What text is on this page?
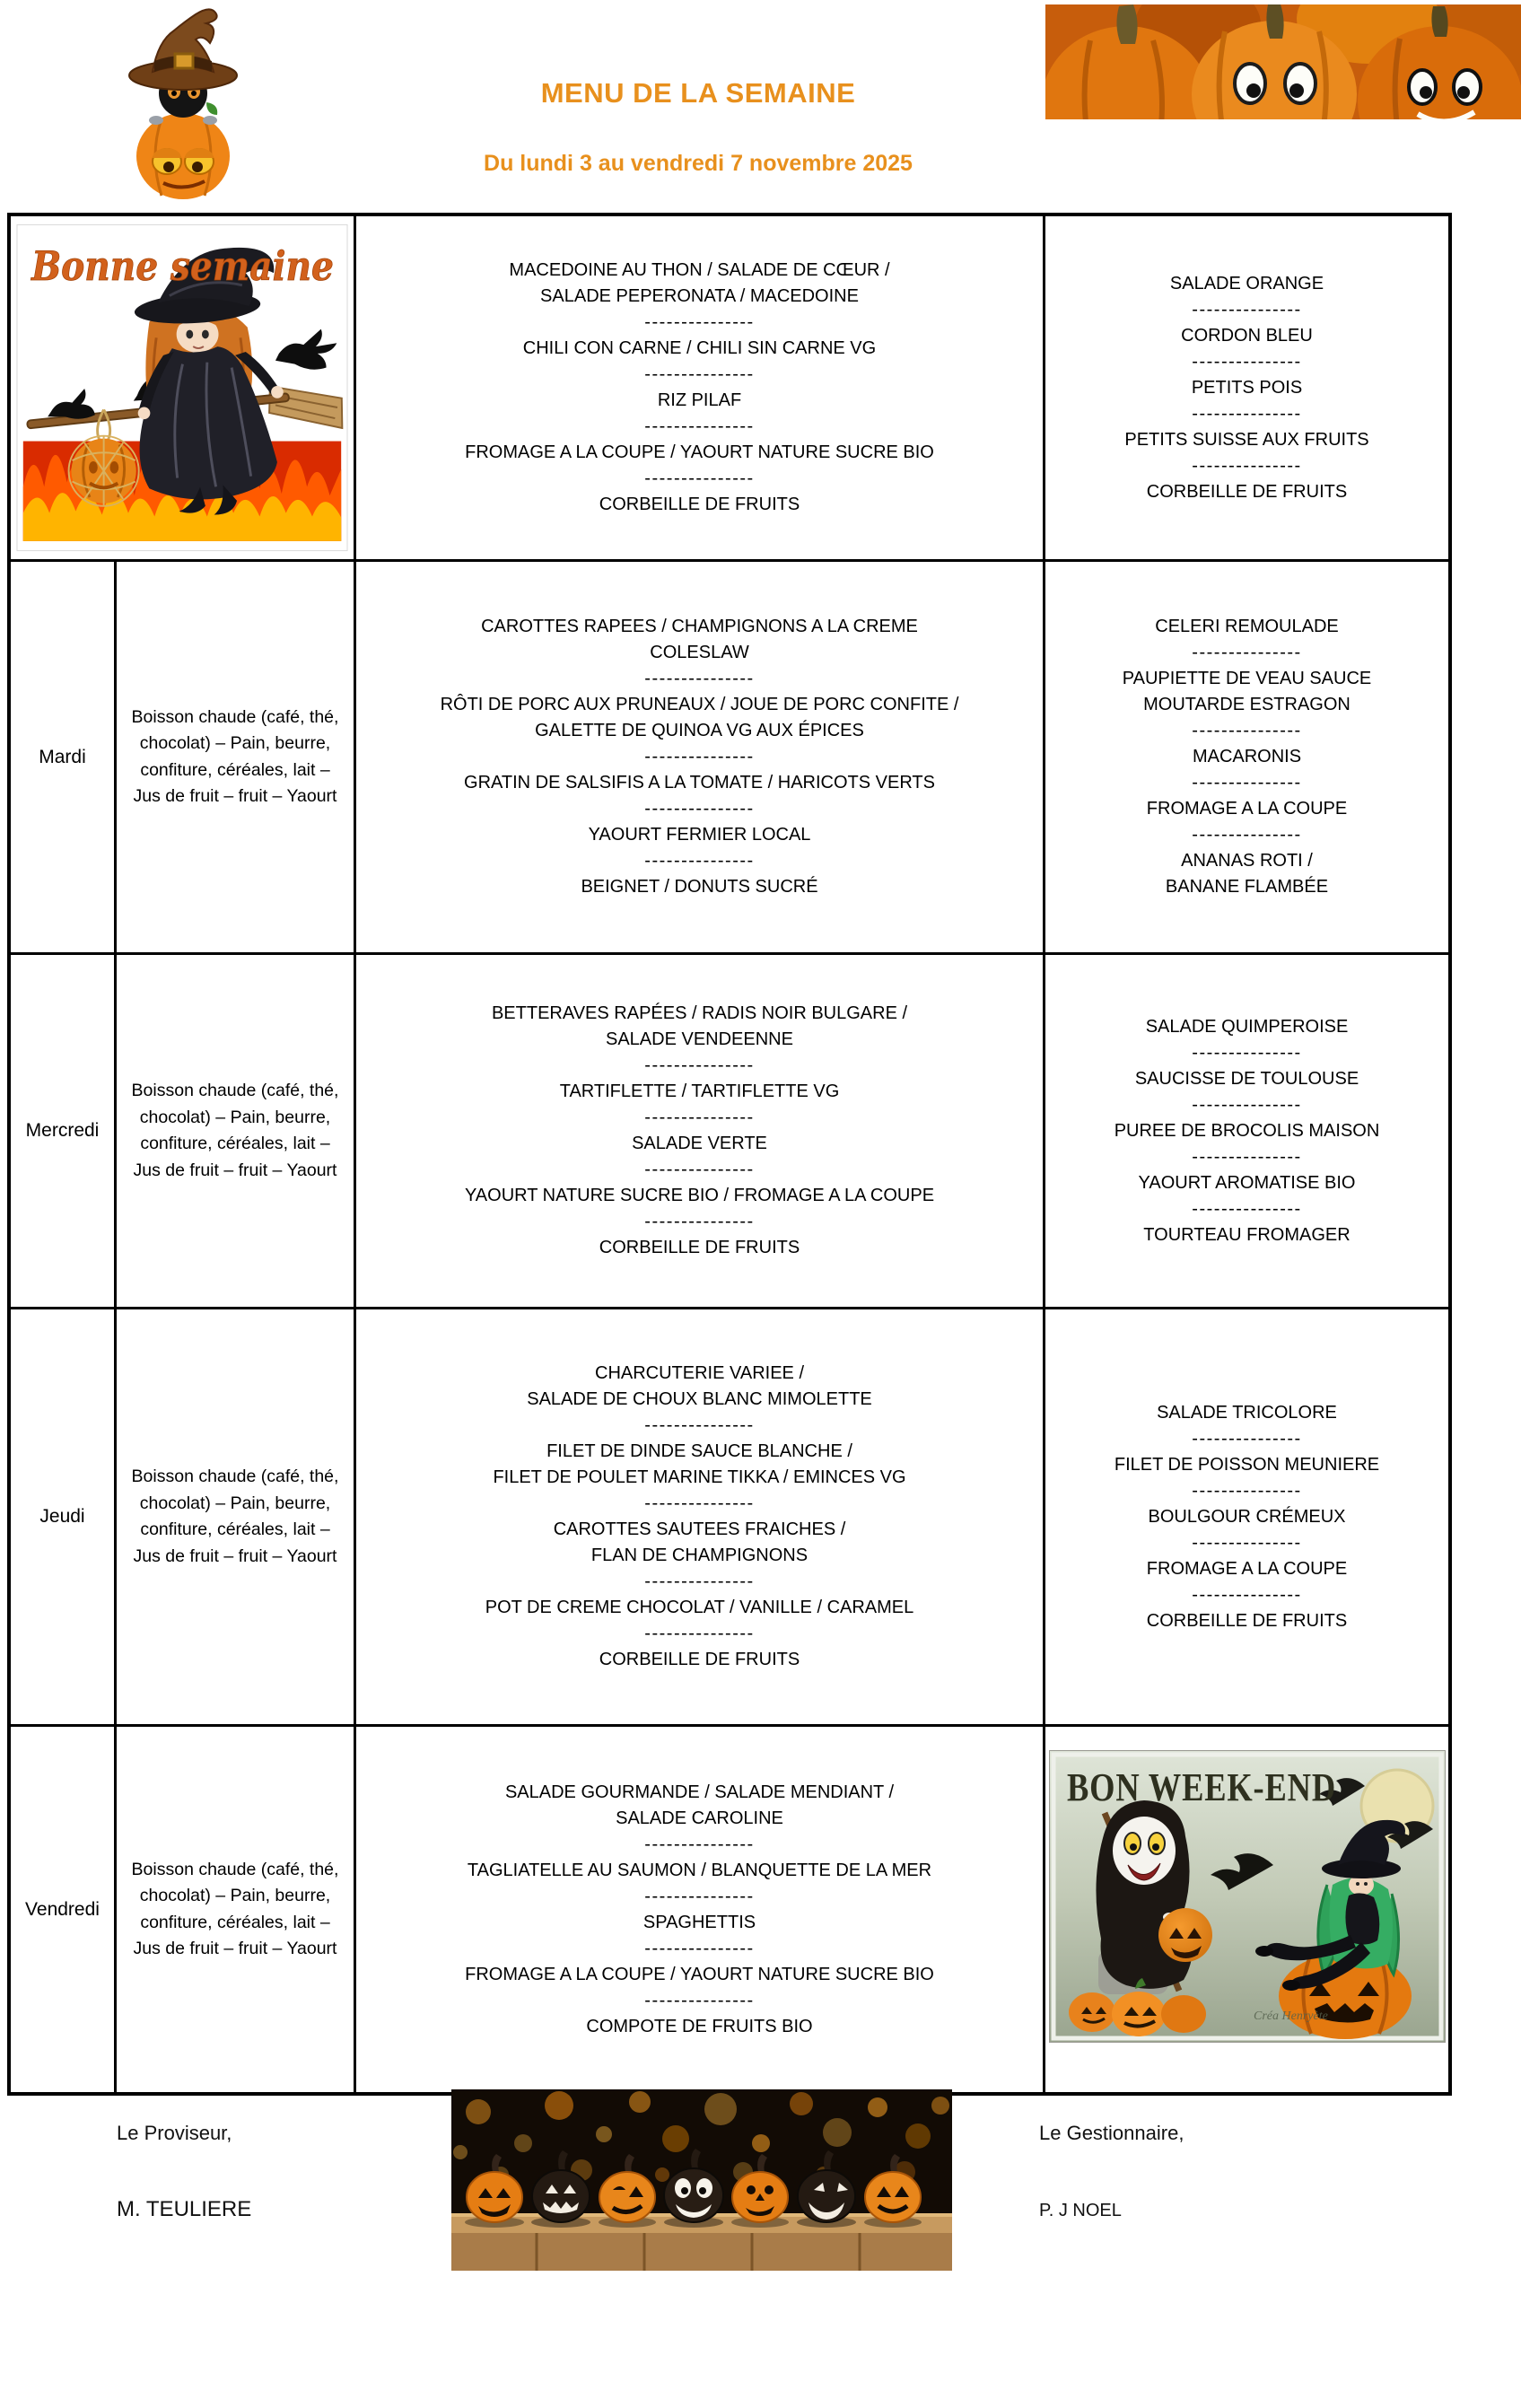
MENU DE LA SEMAINE
Du lundi 3 au vendredi 7 novembre 2025
Bonne semaine	MACEDOINE AU THON / SALADE DE CŒUR /
SALADE PEPERONATA / MACEDOINE
---------------
CHILI CON CARNE / CHILI SIN CARNE VG
---------------
RIZ PILAF
---------------
FROMAGE A LA COUPE / YAOURT NATURE SUCRE BIO
---------------
CORBEILLE DE FRUITS
SALADE ORANGE
---------------
CORDON BLEU
---------------
PETITS POIS
---------------
PETITS SUISSE AUX FRUITS
---------------
CORBEILLE DE FRUITS
Mardi
Boisson chaude (café, thé, chocolat) – Pain, beurre, confiture, céréales, lait – Jus de fruit – fruit – Yaourt
CAROTTES RAPEES / CHAMPIGNONS A LA CREME
COLESLAW
---------------
RÔTI DE PORC AUX PRUNEAUX / JOUE DE PORC CONFITE /
GALETTE DE QUINOA VG AUX ÉPICES
---------------
GRATIN DE SALSIFIS A LA TOMATE / HARICOTS VERTS
---------------
YAOURT FERMIER LOCAL
---------------
BEIGNET / DONUTS SUCRÉ
CELERI REMOULADE
---------------
PAUPIETTE DE VEAU SAUCE
MOUTARDE ESTRAGON
---------------
MACARONIS
---------------
FROMAGE A LA COUPE
---------------
ANANAS ROTI /
BANANE FLAMBÉE
Mercredi
Boisson chaude (café, thé, chocolat) – Pain, beurre, confiture, céréales, lait – Jus de fruit – fruit – Yaourt
BETTERAVES RAPÉES / RADIS NOIR BULGARE /
SALADE VENDEENNE
---------------
TARTIFLETTE / TARTIFLETTE VG
---------------
SALADE VERTE
---------------
YAOURT NATURE SUCRE BIO / FROMAGE A LA COUPE
---------------
CORBEILLE DE FRUITS
SALADE QUIMPEROISE
---------------
SAUCISSE DE TOULOUSE
---------------
PUREE DE BROCOLIS MAISON
---------------
YAOURT AROMATISE BIO
---------------
TOURTEAU FROMAGER
Jeudi
Boisson chaude (café, thé, chocolat) – Pain, beurre, confiture, céréales, lait – Jus de fruit – fruit – Yaourt
CHARCUTERIE VARIEE /
SALADE DE CHOUX BLANC MIMOLETTE
---------------
FILET DE DINDE SAUCE BLANCHE /
FILET DE POULET MARINE TIKKA / EMINCES VG
---------------
CAROTTES SAUTEES FRAICHES /
FLAN DE CHAMPIGNONS
---------------
POT DE CREME CHOCOLAT / VANILLE / CARAMEL
---------------
CORBEILLE DE FRUITS
SALADE TRICOLORE
---------------
FILET DE POISSON MEUNIERE
---------------
BOULGOUR CRÉMEUX
---------------
FROMAGE A LA COUPE
---------------
CORBEILLE DE FRUITS
Vendredi
Boisson chaude (café, thé, chocolat) – Pain, beurre, confiture, céréales, lait – Jus de fruit – fruit – Yaourt
SALADE GOURMANDE / SALADE MENDIANT /
SALADE CAROLINE
---------------
TAGLIATELLE AU SAUMON / BLANQUETTE DE LA MER
---------------
SPAGHETTIS
---------------
FROMAGE A LA COUPE / YAOURT NATURE SUCRE BIO
---------------
COMPOTE DE FRUITS BIO
BON WEEK-END
Créa Henryète
Le Proviseur,
M. TEULIERE
Le Gestionnaire,
P. J NOEL
